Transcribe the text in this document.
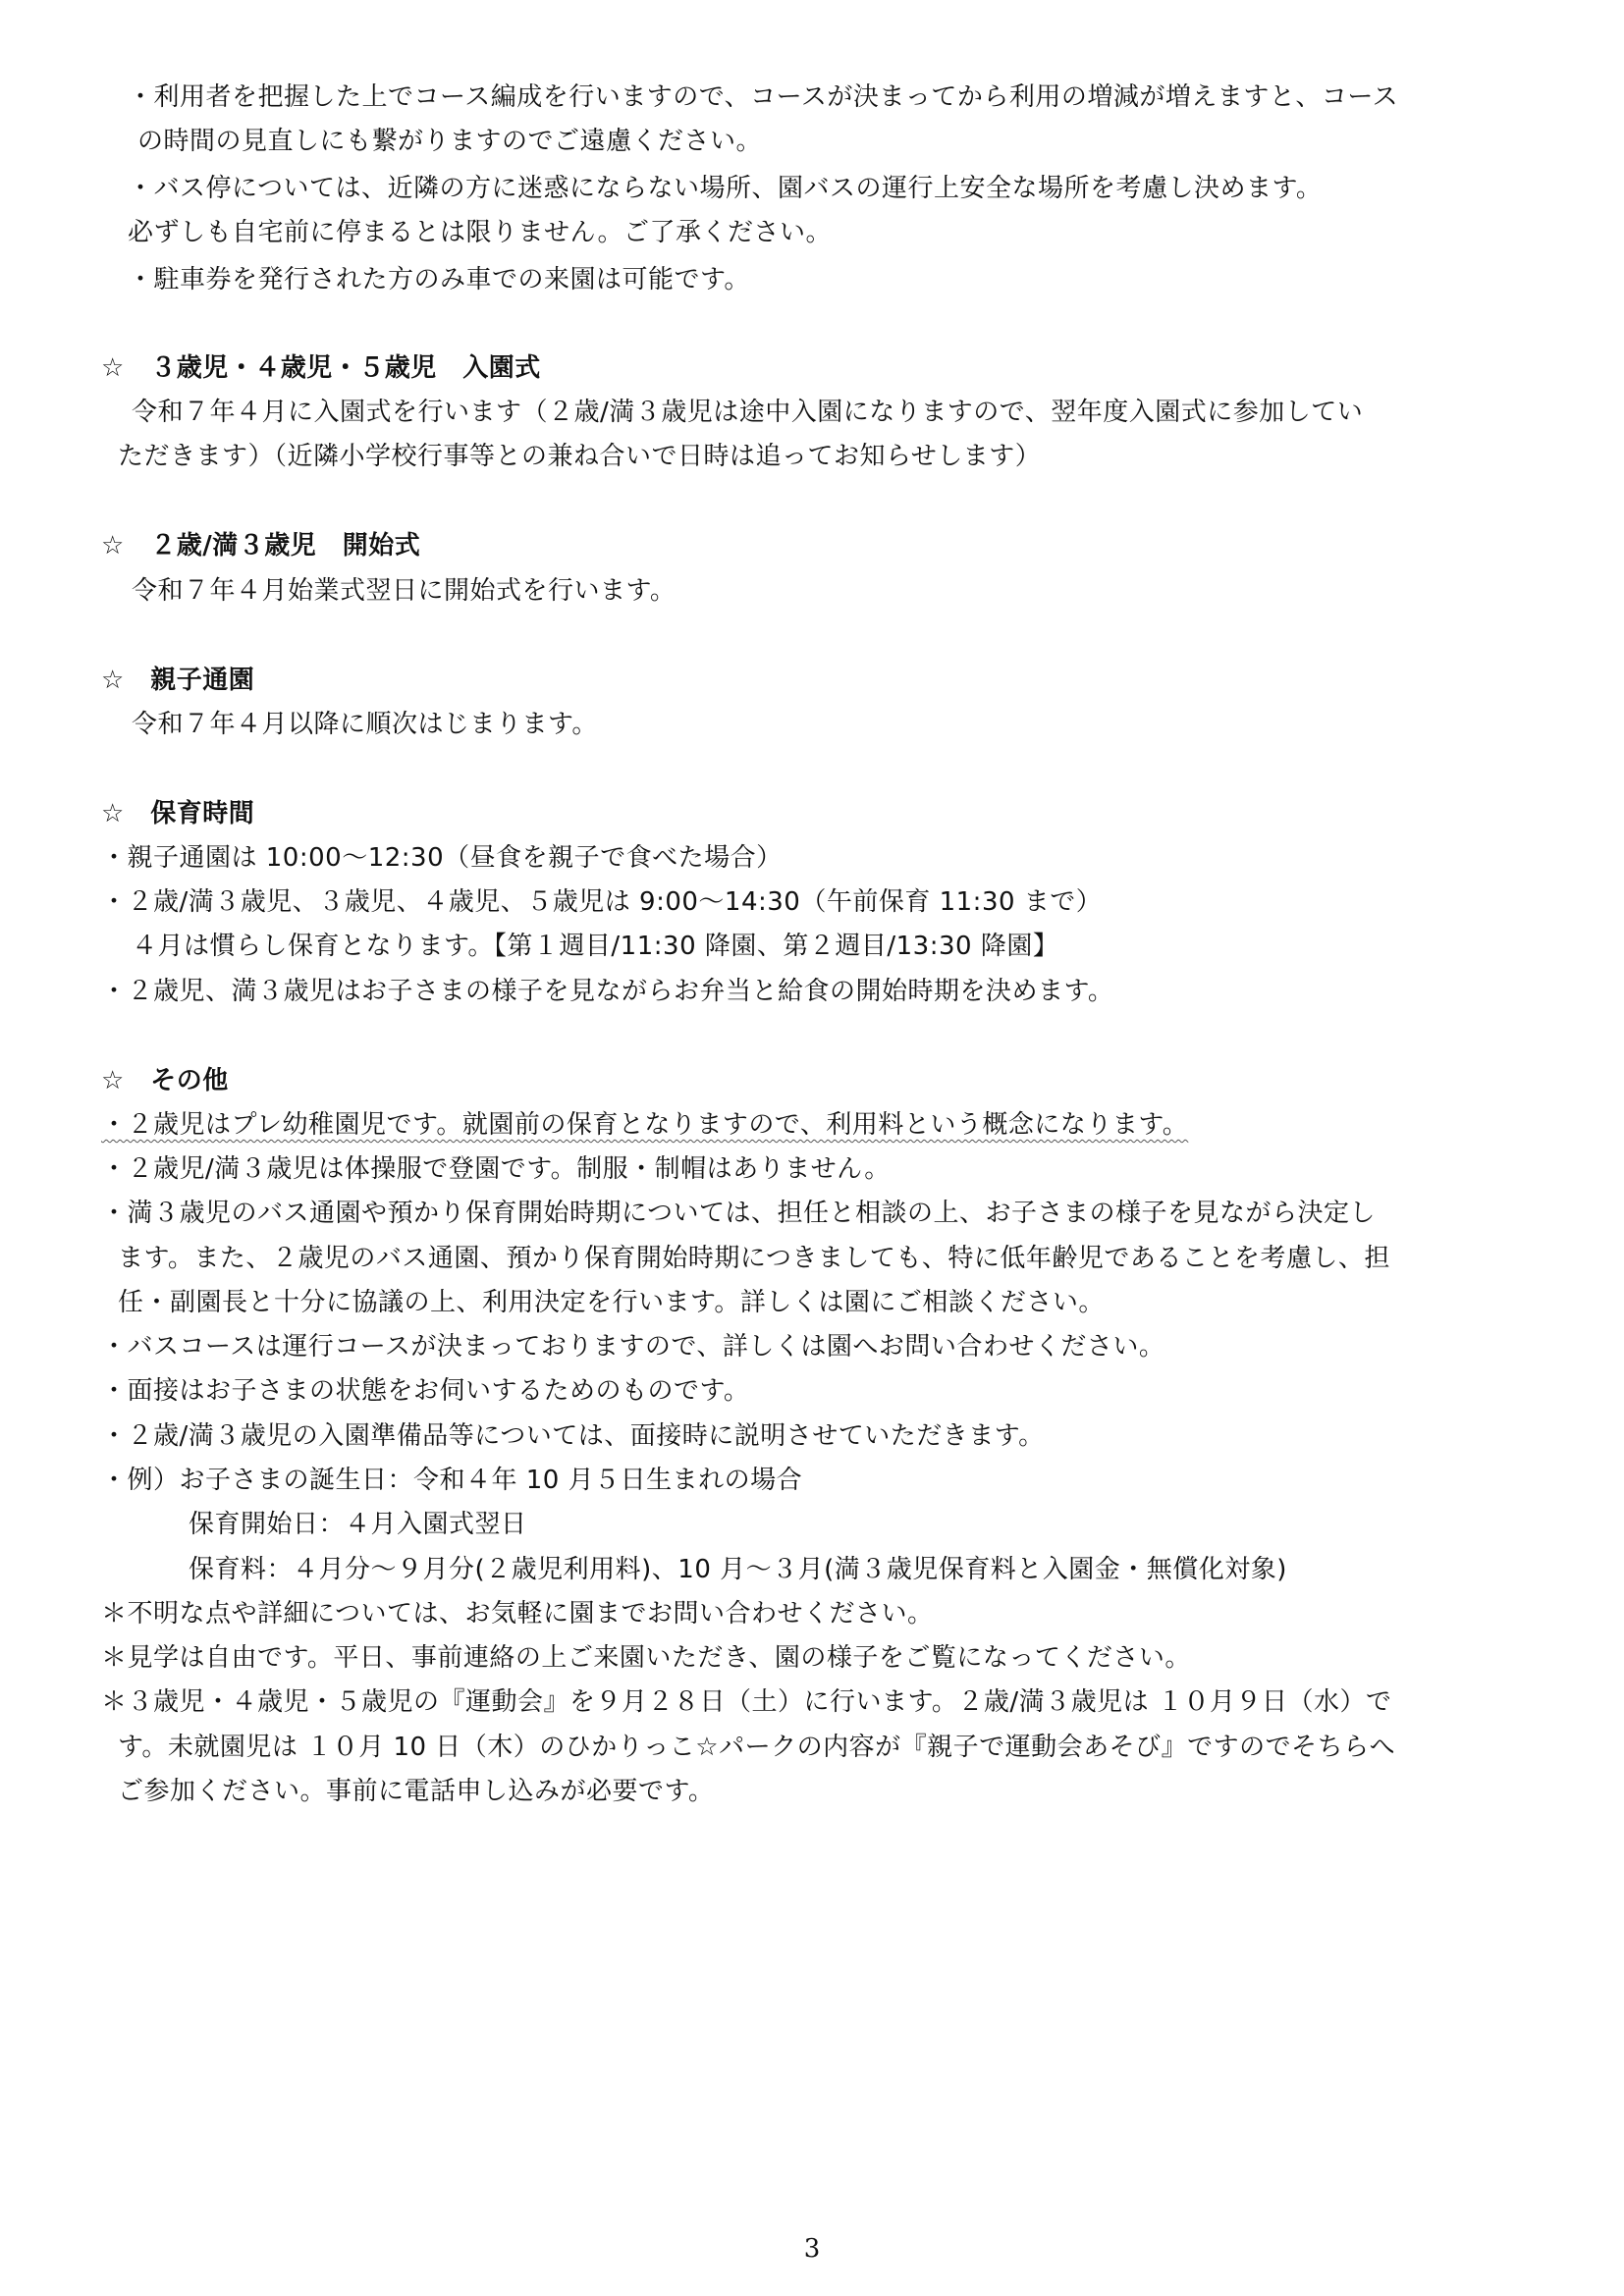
・利用者を把握した上でコース編成を行いますので、コースが決まってから利用の増減が増えますと、コース
の時間の見直しにも繋がりますのでご遠慮ください。
・バス停については、近隣の方に迷惑にならない場所、園バスの運行上安全な場所を考慮し決めます。
必ずしも自宅前に停まるとは限りません。ご了承ください。
・駐車券を発行された方のみ車での来園は可能です。
☆　３歳児・４歳児・５歳児　入園式
令和７年４月に入園式を行います（２歳/満３歳児は途中入園になりますので、翌年度入園式に参加してい
ただきます）（近隣小学校行事等との兼ね合いで日時は追ってお知らせします）
☆　２歳/満３歳児　開始式
令和７年４月始業式翌日に開始式を行います。
☆　親子通園
令和７年４月以降に順次はじまります。
☆　保育時間
・親子通園は 10:00～12:30（昼食を親子で食べた場合）
・２歳/満３歳児、３歳児、４歳児、５歳児は 9:00～14:30（午前保育 11:30 まで）
４月は慣らし保育となります。【第１週目/11:30 降園、第２週目/13:30 降園】
・２歳児、満３歳児はお子さまの様子を見ながらお弁当と給食の開始時期を決めます。
☆　その他
・２歳児はプレ幼稚園児です。就園前の保育となりますので、利用料という概念になります。
・２歳児/満３歳児は体操服で登園です。制服・制帽はありません。
・満３歳児のバス通園や預かり保育開始時期については、担任と相談の上、お子さまの様子を見ながら決定し
ます。また、２歳児のバス通園、預かり保育開始時期につきましても、特に低年齢児であることを考慮し、担
任・副園長と十分に協議の上、利用決定を行います。詳しくは園にご相談ください。
・バスコースは運行コースが決まっておりますので、詳しくは園へお問い合わせください。
・面接はお子さまの状態をお伺いするためのものです。
・２歳/満３歳児の入園準備品等については、面接時に説明させていただきます。
・例）お子さまの誕生日：令和４年 10 月５日生まれの場合
保育開始日：４月入園式翌日
保育料：４月分～９月分(２歳児利用料)、10 月～３月(満３歳児保育料と入園金・無償化対象)
＊不明な点や詳細については、お気軽に園までお問い合わせください。
＊見学は自由です。平日、事前連絡の上ご来園いただき、園の様子をご覧になってください。
＊３歳児・４歳児・５歳児の『運動会』を９月２８日（土）に行います。２歳/満３歳児は １０月９日（水）で
す。未就園児は １０月 10 日（木）のひかりっこ☆パークの内容が『親子で運動会あそび』ですのでそちらへ
ご参加ください。事前に電話申し込みが必要です。
3
